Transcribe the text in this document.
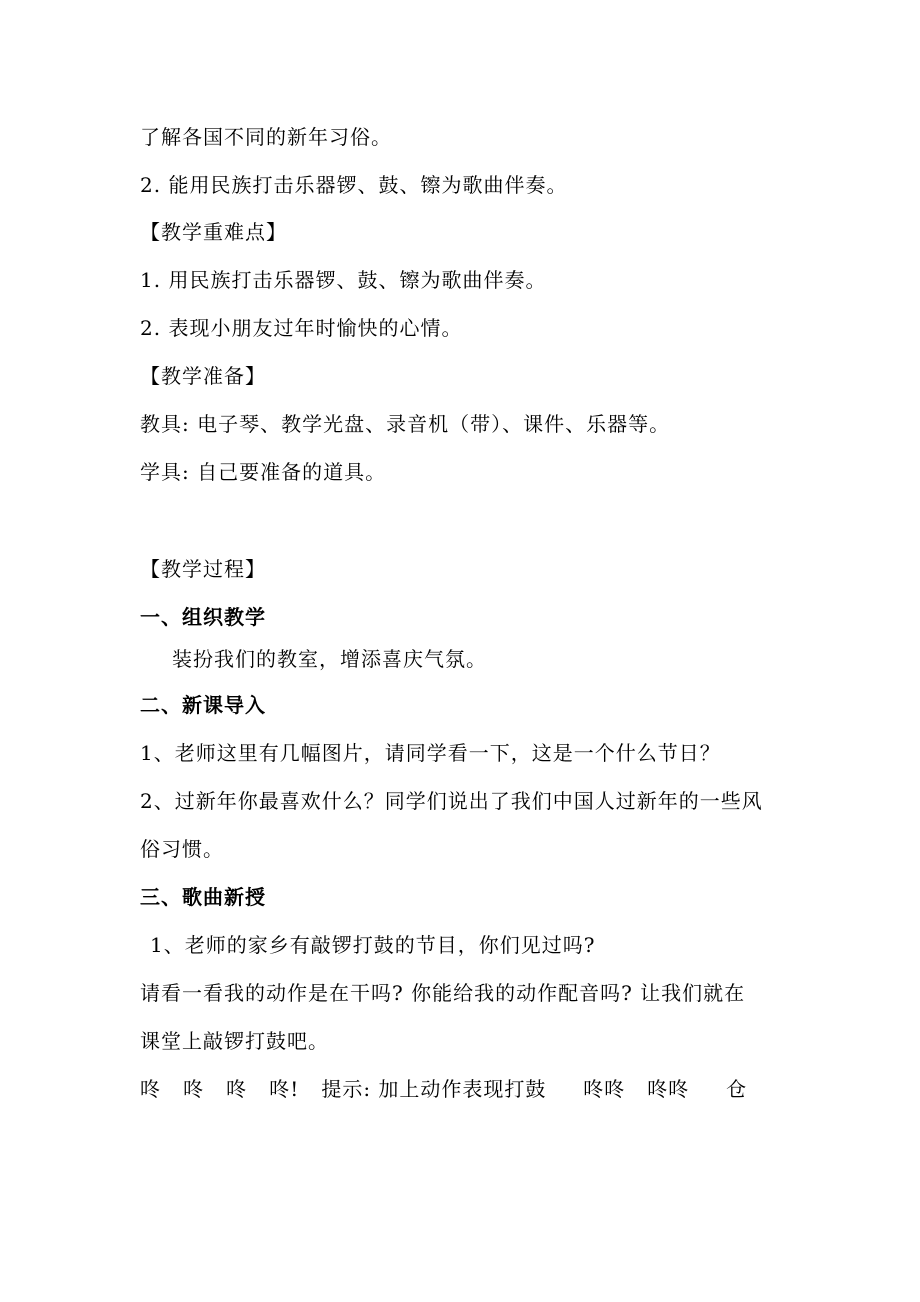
了解各国不同的新年习俗。
2. 能用民族打击乐器锣、鼓、镲为歌曲伴奏。
【教学重难点】
1. 用民族打击乐器锣、鼓、镲为歌曲伴奏。
2. 表现小朋友过年时愉快的心情。
【教学准备】
教具: 电子琴、教学光盘、录音机（带）、课件、乐器等。
学具: 自己要准备的道具。
【教学过程】
一、组织教学
装扮我们的教室，增添喜庆气氛。
二、新课导入
1、老师这里有几幅图片，请同学看一下，这是一个什么节日？
2、过新年你最喜欢什么？同学们说出了我们中国人过新年的一些风
俗习惯。
三、歌曲新授
1、老师的家乡有敲锣打鼓的节目，你们见过吗?
请看一看我的动作是在干吗? 你能给我的动作配音吗? 让我们就在
课堂上敲锣打鼓吧。
咚   咚   咚   咚!   提示: 加上动作表现打鼓     咚咚   咚咚     仓
